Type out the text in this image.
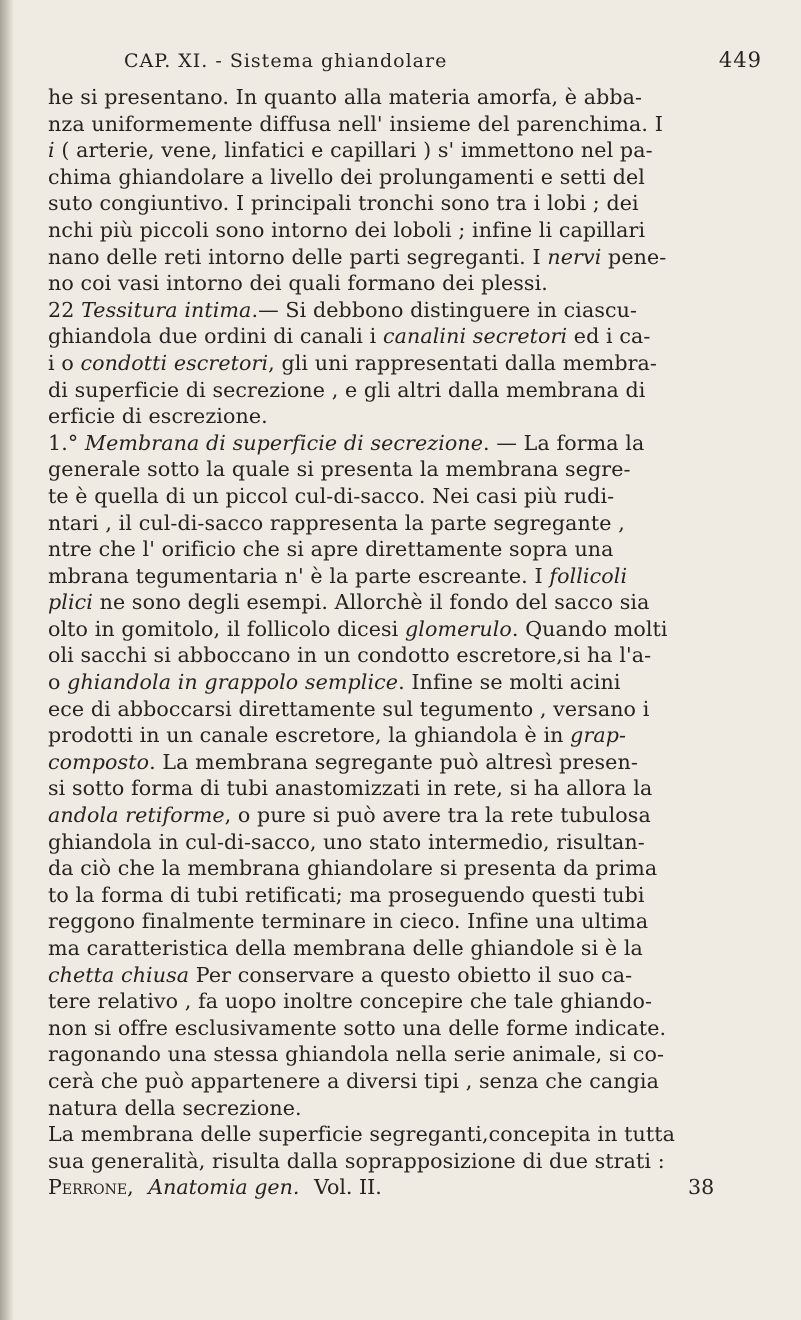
CAP. XI. - Sistema ghiandolare	449
he si presentano. In quanto alla materia amorfa, è abba-
nza uniformemente diffusa nell' insieme del parenchima. I
i ( arterie, vene, linfatici e capillari ) s' immettono nel pa-
chima ghiandolare a livello dei prolungamenti e setti del
suto congiuntivo. I principali tronchi sono tra i lobi ; dei
nchi più piccoli sono intorno dei loboli ; infine li capillari
nano delle reti intorno delle parti segreganti. I nervi pene-
no coi vasi intorno dei quali formano dei plessi.
22 Tessitura intima.— Si debbono distinguere in ciascu-
ghiandola due ordini di canali i canalini secretori ed i ca-
i o condotti escretori, gli uni rappresentati dalla membra-
di superficie di secrezione , e gli altri dalla membrana di
erficie di escrezione.
1.° Membrana di superficie di secrezione. — La forma la
generale sotto la quale si presenta la membrana segre-
te è quella di un piccol cul-di-sacco. Nei casi più rudi-
ntari , il cul-di-sacco rappresenta la parte segregante ,
ntre che l' orificio che si apre direttamente sopra una
mbrana tegumentaria n' è la parte escreante. I follicoli
plici ne sono degli esempi. Allorchè il fondo del sacco sia
olto in gomitolo, il follicolo dicesi glomerulo. Quando molti
oli sacchi si abboccano in un condotto escretore,si ha l'a-
o ghiandola in grappolo semplice. Infine se molti acini
ece di abboccarsi direttamente sul tegumento , versano i
prodotti in un canale escretore, la ghiandola è in grap-
composto. La membrana segregante può altresì presen-
si sotto forma di tubi anastomizzati in rete, si ha allora la
andola retiforme, o pure si può avere tra la rete tubulosa
ghiandola in cul-di-sacco, uno stato intermedio, risultan-
da ciò che la membrana ghiandolare si presenta da prima
to la forma di tubi retificati; ma proseguendo questi tubi
reggono finalmente terminare in cieco. Infine una ultima
ma caratteristica della membrana delle ghiandole si è la
chetta chiusa Per conservare a questo obietto il suo ca-
tere relativo , fa uopo inoltre concepire che tale ghiando-
non si offre esclusivamente sotto una delle forme indicate.
ragonando una stessa ghiandola nella serie animale, si co-
cerà che può appartenere a diversi tipi , senza che cangia
natura della secrezione.
La membrana delle superficie segreganti,concepita in tutta
sua generalità, risulta dalla soprapposizione di due strati :
Perrone, Anatomia gen. Vol. II.	38
